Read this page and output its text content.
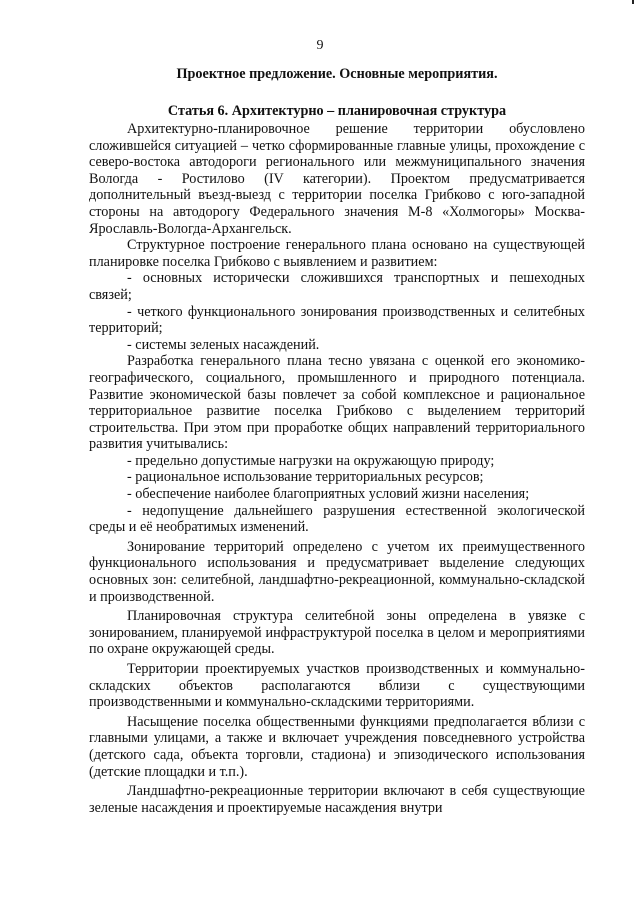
9

Проектное предложение. Основные мероприятия.

Статья 6. Архитектурно – планировочная структура

Архитектурно-планировочное решение территории обусловлено сложившейся ситуацией – четко сформированные главные улицы, прохождение с северо-востока автодороги регионального или межмуниципального значения Вологда - Ростилово (IV категории). Проектом предусматривается дополнительный въезд-выезд с территории поселка Грибково с юго-западной стороны на автодорогу Федерального значения М-8 «Холмогоры» Москва-Ярославль-Вологда-Архангельск.

Структурное построение генерального плана основано на существующей планировке поселка Грибково с выявлением и развитием:

- основных исторически сложившихся транспортных и пешеходных связей;

- четкого функционального зонирования производственных и селитебных территорий;

- системы зеленых насаждений.

Разработка генерального плана тесно увязана с оценкой его экономико-географического, социального, промышленного и природного потенциала. Развитие экономической базы повлечет за собой комплексное и рациональное территориальное развитие поселка Грибково с выделением территорий строительства. При этом при проработке общих направлений территориального развития учитывались:

- предельно допустимые нагрузки на окружающую природу;

- рациональное использование территориальных ресурсов;

- обеспечение наиболее благоприятных условий жизни населения;

- недопущение дальнейшего разрушения естественной экологической среды и её необратимых изменений.

Зонирование территорий определено с учетом их преимущественного функционального использования и предусматривает выделение следующих основных зон: селитебной, ландшафтно-рекреационной, коммунально-складской и производственной.

Планировочная структура селитебной зоны определена в увязке с зонированием, планируемой инфраструктурой поселка в целом и мероприятиями по охране окружающей среды.

Территории проектируемых участков производственных и коммунально-складских объектов располагаются вблизи с существующими производственными и коммунально-складскими территориями.

Насыщение поселка общественными функциями предполагается вблизи с главными улицами, а также и включает учреждения повседневного устройства (детского сада, объекта торговли, стадиона) и эпизодического использования (детские площадки и т.п.).

Ландшафтно-рекреационные территории включают в себя существующие зеленые насаждения и проектируемые насаждения внутри
